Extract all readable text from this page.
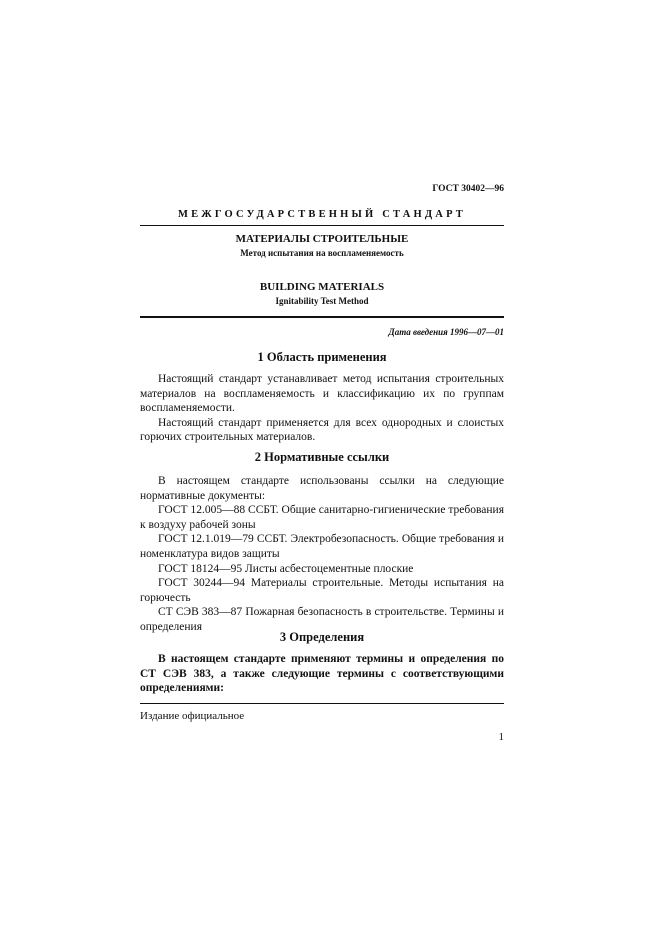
ГОСТ 30402—96
МЕЖГОСУДАРСТВЕННЫЙ СТАНДАРТ
МАТЕРИАЛЫ СТРОИТЕЛЬНЫЕ
Метод испытания на воспламеняемость
BUILDING MATERIALS
Ignitability Test Method
Дата введения 1996—07—01
1 Область применения

Настоящий стандарт устанавливает метод испытания строительных материалов на воспламеняемость и классификацию их по группам воспламеняемости.

Настоящий стандарт применяется для всех однородных и слоистых горючих строительных материалов.

2 Нормативные ссылки

В настоящем стандарте использованы ссылки на следующие нормативные документы:

ГОСТ 12.005—88 ССБТ. Общие санитарно-гигиенические требования к воздуху рабочей зоны

ГОСТ 12.1.019—79 ССБТ. Электробезопасность. Общие требования и номенклатура видов защиты

ГОСТ 18124—95 Листы асбестоцементные плоские

ГОСТ 30244—94 Материалы строительные. Методы испытания на горючесть

СТ СЭВ 383—87 Пожарная безопасность в строительстве. Термины и определения

3 Определения

В настоящем стандарте применяют термины и определения по СТ СЭВ 383, а также следующие термины с соответствующими определениями:

Издание официальное
1
